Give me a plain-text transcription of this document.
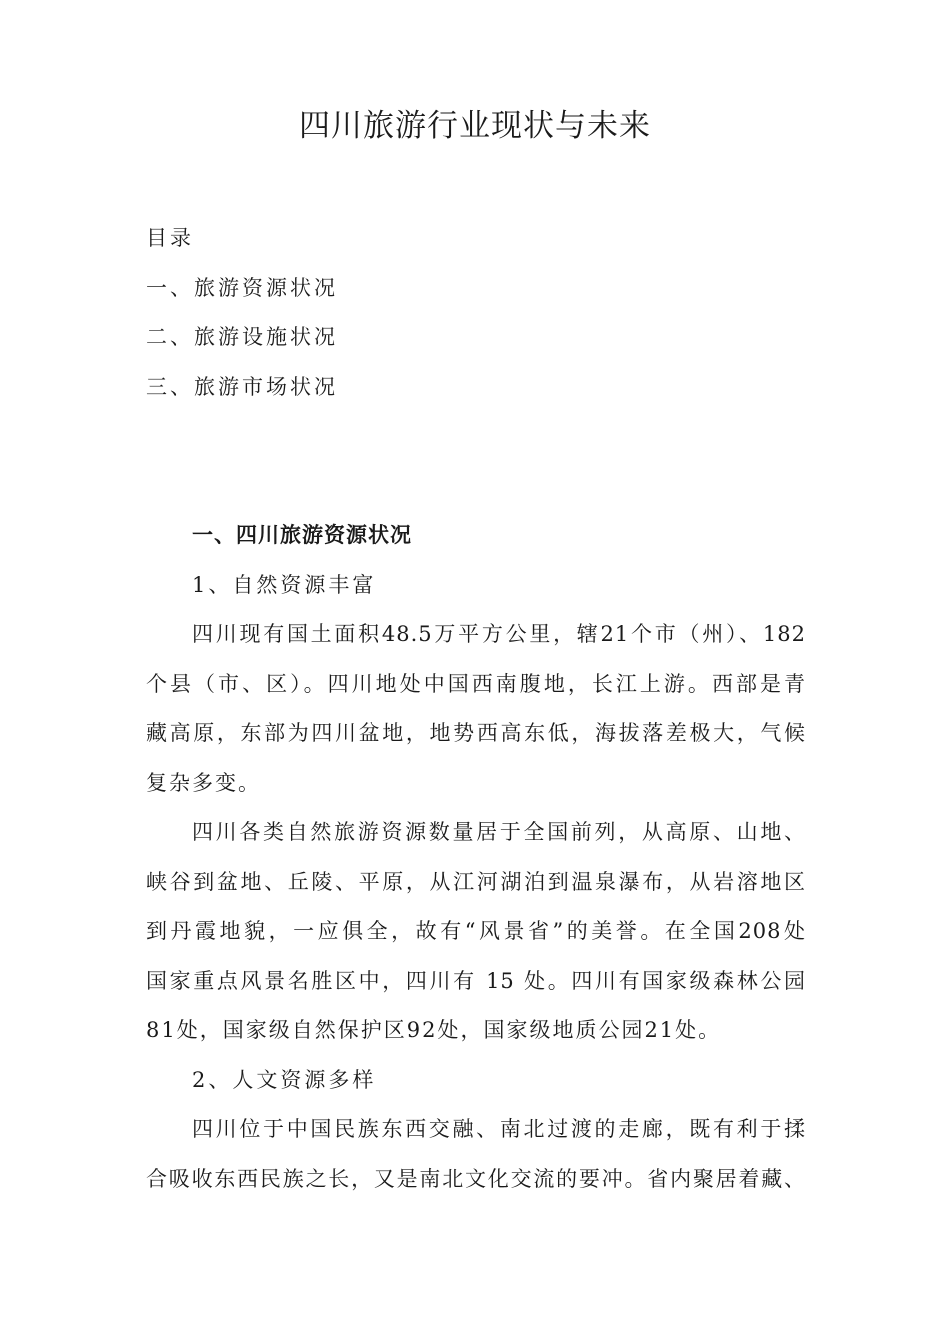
四川旅游行业现状与未来
目录
一、旅游资源状况
二、旅游设施状况
三、旅游市场状况
一、四川旅游资源状况
1、自然资源丰富

四川现有国土面积48.5万平方公里，辖21个市（州）、182
个县（市、区）。四川地处中国西南腹地，长江上游。西部是青
藏高原，东部为四川盆地，地势西高东低，海拔落差极大，气候
复杂多变。

四川各类自然旅游资源数量居于全国前列，从高原、山地、
峡谷到盆地、丘陵、平原，从江河湖泊到温泉瀑布，从岩溶地区
到丹霞地貌，一应俱全，故有“风景省”的美誉。在全国208处
国家重点风景名胜区中，四川有 15 处。四川有国家级森林公园
81处，国家级自然保护区92处，国家级地质公园21处。

2、人文资源多样

四川位于中国民族东西交融、南北过渡的走廊，既有利于揉
合吸收东西民族之长，又是南北文化交流的要冲。省内聚居着藏、
